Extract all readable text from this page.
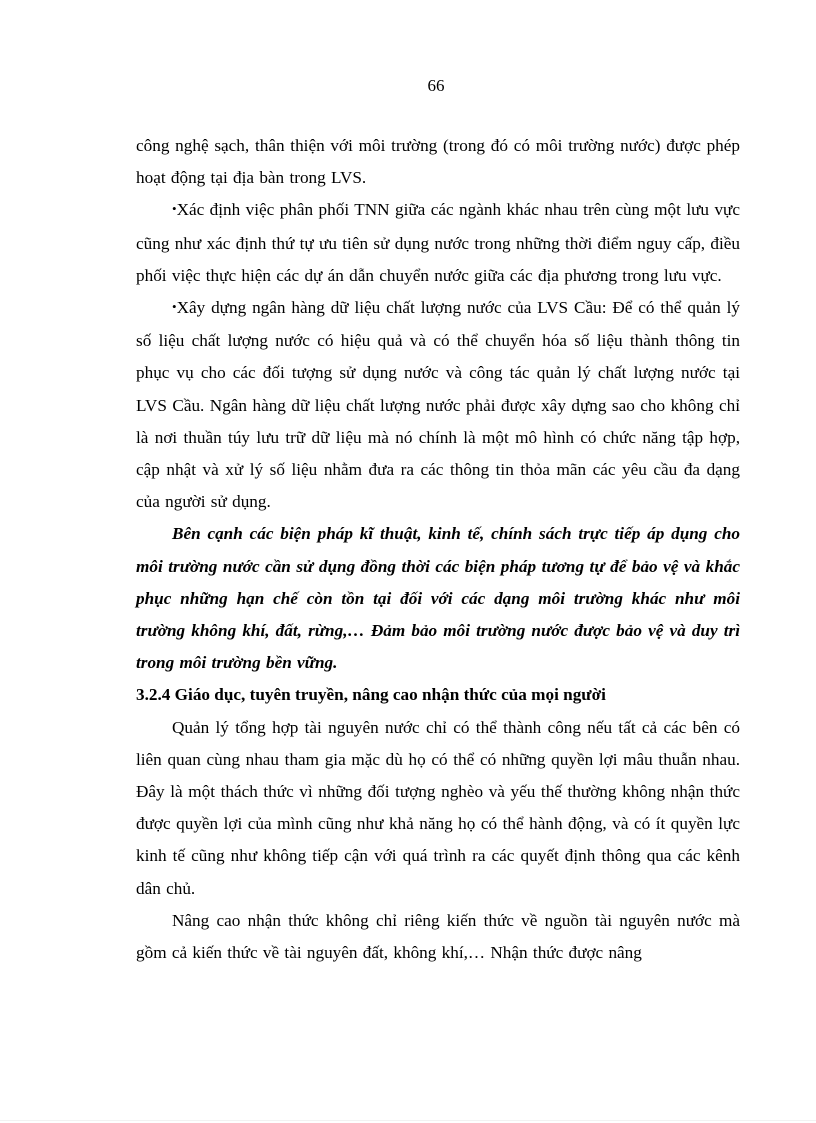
66

công nghệ sạch, thân thiện với môi trường (trong đó có môi trường nước) được phép hoạt động tại địa bàn trong LVS.

•Xác định việc phân phối TNN giữa các ngành khác nhau trên cùng một lưu vực cũng như xác định thứ tự ưu tiên sử dụng nước trong những thời điểm nguy cấp, điều phối việc thực hiện các dự án dẫn chuyển nước giữa các địa phương trong lưu vực.

•Xây dựng ngân hàng dữ liệu chất lượng nước của LVS Cầu: Để có thể quản lý số liệu chất lượng nước có hiệu quả và có thể chuyển hóa số liệu thành thông tin phục vụ cho các đối tượng sử dụng nước và công tác quản lý chất lượng nước tại LVS Cầu. Ngân hàng dữ liệu chất lượng nước phải được xây dựng sao cho không chỉ là nơi thuần túy lưu trữ dữ liệu mà nó chính là một mô hình có chức năng tập hợp, cập nhật và xử lý số liệu nhằm đưa ra các thông tin thỏa mãn các yêu cầu đa dạng của người sử dụng.

Bên cạnh các biện pháp kĩ thuật, kinh tế, chính sách trực tiếp áp dụng cho môi trường nước cần sử dụng đồng thời các biện pháp tương tự để bảo vệ và khắc phục những hạn chế còn tồn tại đối với các dạng môi trường khác như môi trường không khí, đất, rừng,… Đảm bảo môi trường nước được bảo vệ và duy trì trong môi trường bền vững.

3.2.4 Giáo dục, tuyên truyền, nâng cao nhận thức của mọi người

Quản lý tổng hợp tài nguyên nước chỉ có thể thành công nếu tất cả các bên có liên quan cùng nhau tham gia mặc dù họ có thể có những quyền lợi mâu thuẫn nhau. Đây là một thách thức vì những đối tượng nghèo và yếu thế thường không nhận thức được quyền lợi của mình cũng như khả năng họ có thể hành động, và có ít quyền lực kinh tế cũng như không tiếp cận với quá trình ra các quyết định thông qua các kênh dân chủ.

Nâng cao nhận thức không chỉ riêng kiến thức về nguồn tài nguyên nước mà gồm cả kiến thức về tài nguyên đất, không khí,… Nhận thức được nâng
